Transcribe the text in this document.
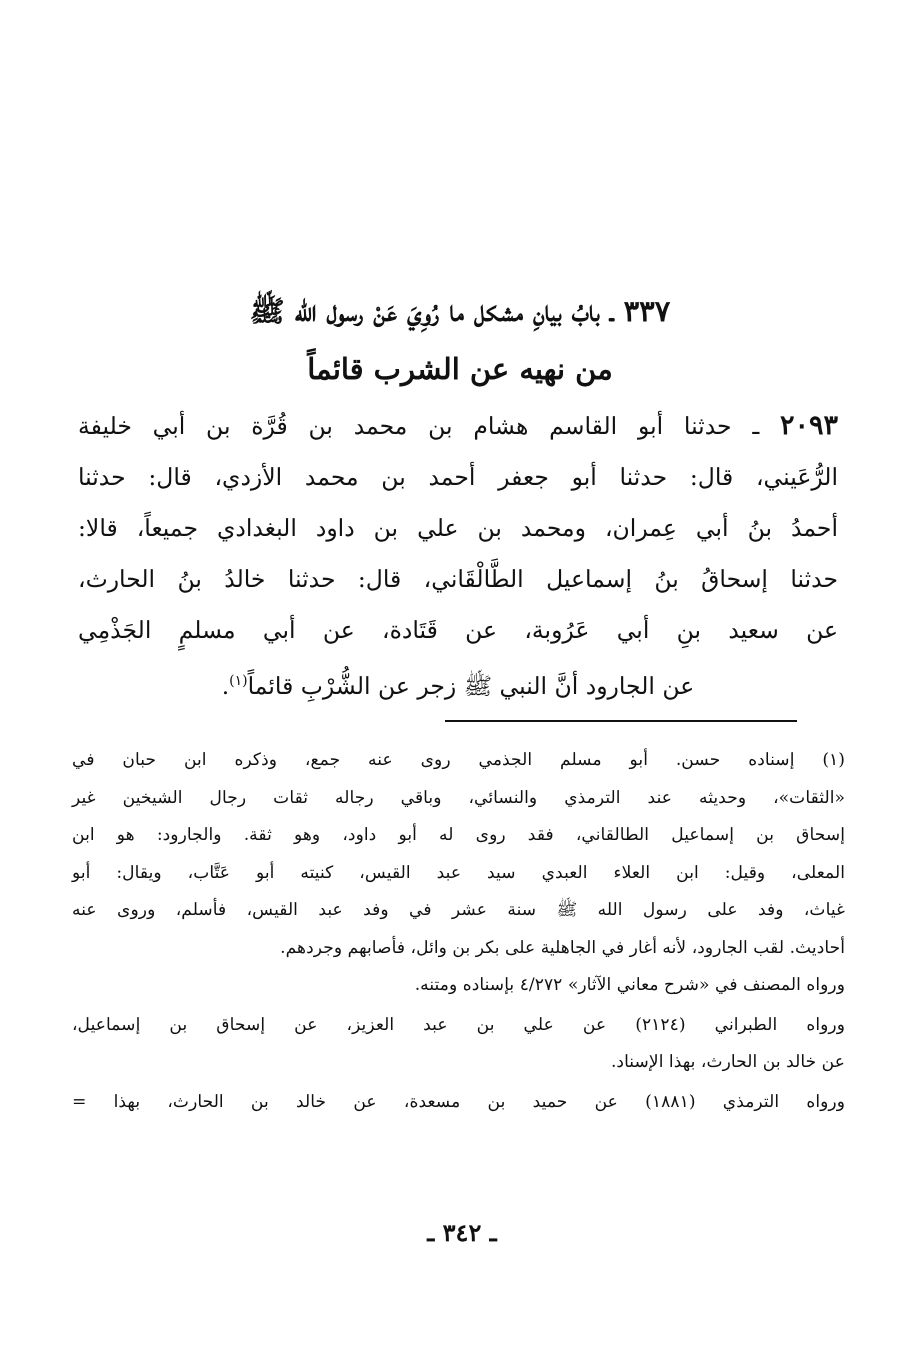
٣٣٧ ـ بابُ بيانِ مشكل ما رُوِيَ عَنْ رسول الله ﷺ
من نهيه عن الشرب قائماً
٢٠٩٣ ـ حدثنا أبو القاسم هشام بن محمد بن قُرَّة بن أبي خليفة
الرُّعَيني، قال: حدثنا أبو جعفر أحمد بن محمد الأزدي، قال: حدثنا
أحمدُ بنُ أبي عِمران، ومحمد بن علي بن داود البغدادي جميعاً، قالا:
حدثنا إسحاقُ بنُ إسماعيل الطَّالْقَاني، قال: حدثنا خالدُ بنُ الحارث،
عن سعيد بنِ أبي عَرُوبة، عن قَتَادة، عن أبي مسلمٍ الجَذْمِي
عن الجارود أنَّ النبي ﷺ زجر عن الشُّرْبِ قائماً$^{(١)}$.
(١) إسناده حسن. أبو مسلم الجذمي روى عنه جمع، وذكره ابن حبان في
«الثقات»، وحديثه عند الترمذي والنسائي، وباقي رجاله ثقات رجال الشيخين غير
إسحاق بن إسماعيل الطالقاني، فقد روى له أبو داود، وهو ثقة. والجارود: هو ابن
المعلى، وقيل: ابن العلاء العبدي سيد عبد القيس، كنيته أبو عَتَّاب، ويقال: أبو
غياث، وفد على رسول الله ﷺ سنة عشر في وفد عبد القيس، فأسلم، وروى عنه
أحاديث. لقب الجارود، لأنه أغار في الجاهلية على بكر بن وائل، فأصابهم وجردهم.
ورواه المصنف في «شرح معاني الآثار» ٤/٢٧٢ بإسناده ومتنه.
ورواه الطبراني (٢١٢٤) عن علي بن عبد العزيز، عن إسحاق بن إسماعيل،
عن خالد بن الحارث، بهذا الإسناد.
ورواه الترمذي (١٨٨١) عن حميد بن مسعدة، عن خالد بن الحارث، بهذا =
ـ ٣٤٢ ـ
